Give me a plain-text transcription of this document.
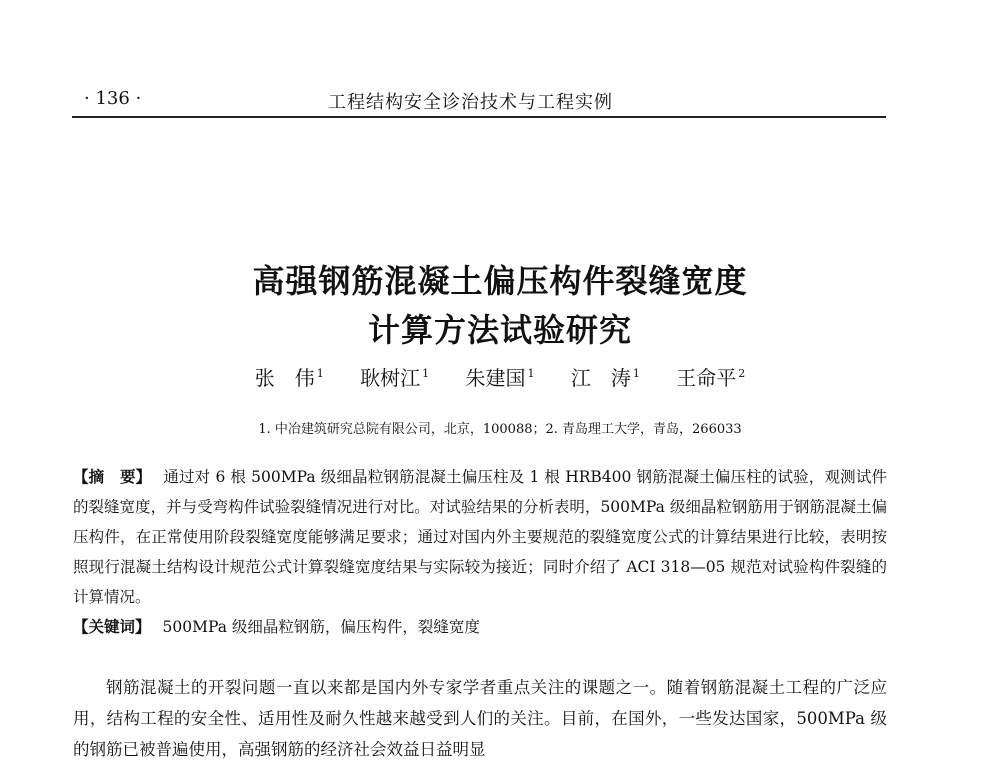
· 136 ·	工程结构安全诊治技术与工程实例
高强钢筋混凝土偏压构件裂缝宽度
计算方法试验研究
张　伟 $^1$ 耿树江 $^1$ 朱建国 $^1$ 江　涛 $^1$ 王命平 $^2$
1. 中冶建筑研究总院有限公司，北京，100088；2. 青岛理工大学，青岛，266033

【摘　要】 通过对 6 根 500MPa 级细晶粒钢筋混凝土偏压柱及 1 根 HRB400 钢筋混凝土偏压柱的试验，观测试件的裂缝宽度，并与受弯构件试验裂缝情况进行对比。对试验结果的分析表明，500MPa 级细晶粒钢筋用于钢筋混凝土偏压构件，在正常使用阶段裂缝宽度能够满足要求；通过对国内外主要规范的裂缝宽度公式的计算结果进行比较，表明按照现行混凝土结构设计规范公式计算裂缝宽度结果与实际较为接近；同时介绍了 ACI 318—05 规范对试验构件裂缝的计算情况。

【关键词】 500MPa 级细晶粒钢筋，偏压构件，裂缝宽度

钢筋混凝土的开裂问题一直以来都是国内外专家学者重点关注的课题之一。随着钢筋混凝土工程的广泛应用，结构工程的安全性、适用性及耐久性越来越受到人们的关注。目前，在国外，一些发达国家，500MPa 级的钢筋已被普遍使用，高强钢筋的经济社会效益日益明显
